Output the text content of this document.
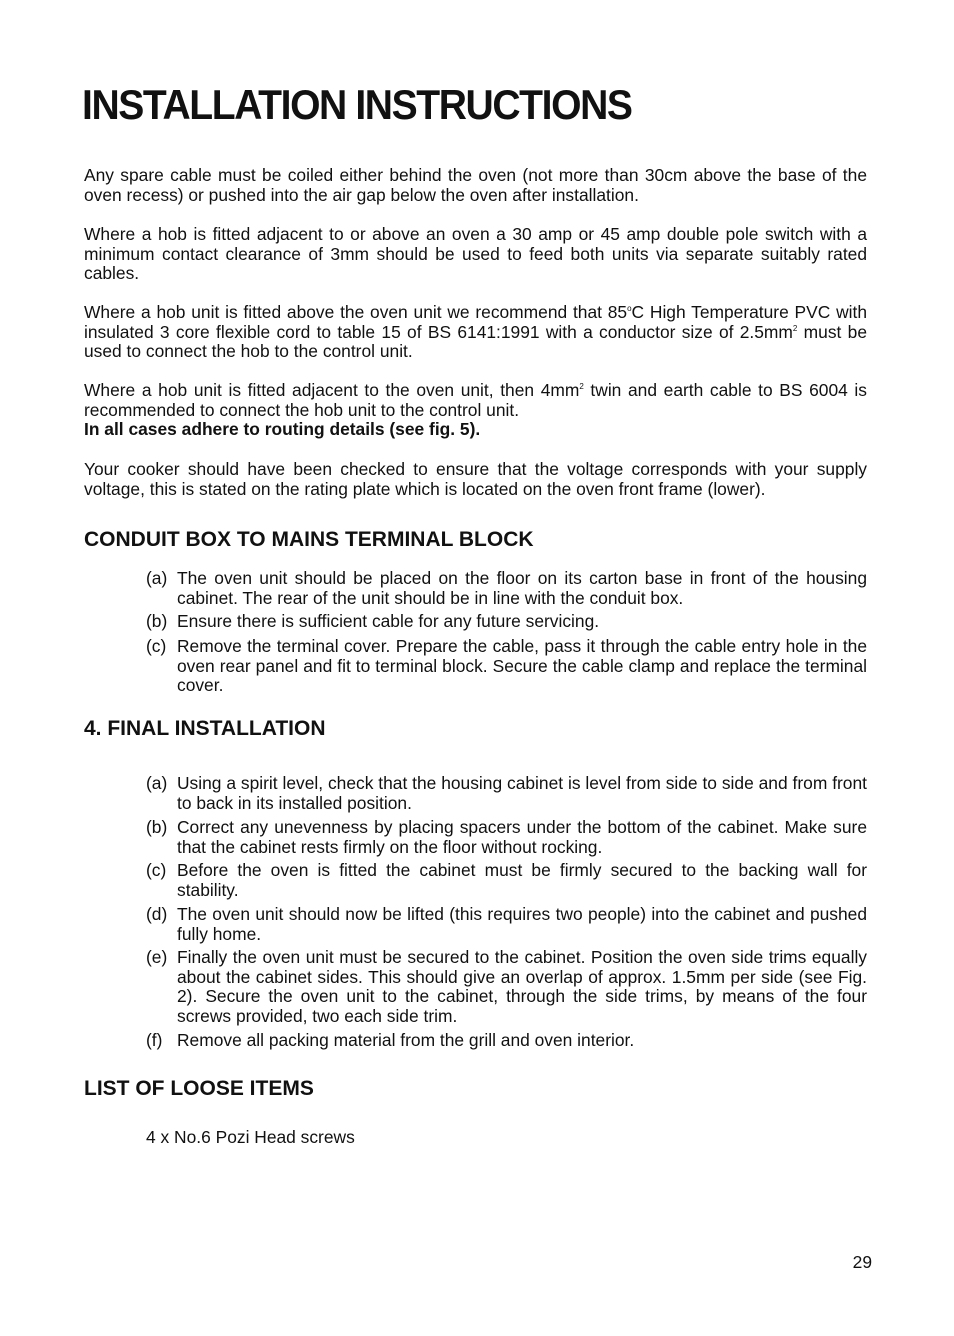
INSTALLATION INSTRUCTIONS

Any spare cable must be coiled either behind the oven (not more than 30cm above the base of the oven recess) or pushed into the air gap below the oven after installation.

Where a hob is fitted adjacent to or above an oven a 30 amp or 45 amp double pole switch with a minimum contact clearance of 3mm should be used to feed both units via separate suitably rated cables.

Where a hob unit is fitted above the oven unit we recommend that 85$^o$C High Temperature PVC with insulated 3 core flexible cord to table 15 of BS 6141:1991 with a conductor size of $2.5mm^2$ must be used to connect the hob to the control unit.

Where a hob unit is fitted adjacent to the oven unit, then $4mm^2$ twin and earth cable to BS 6004 is recommended to connect the hob unit to the control unit.
In all cases adhere to routing details (see fig. 5).

Your cooker should have been checked to ensure that the voltage corresponds with your supply voltage, this is stated on the rating plate which is located on the oven front frame (lower).

CONDUIT BOX TO MAINS TERMINAL BLOCK
(a) The oven unit should be placed on the floor on its carton base in front of the housing cabinet. The rear of the unit should be in line with the conduit box.
(b) Ensure there is sufficient cable for any future servicing.
(c) Remove the terminal cover. Prepare the cable, pass it through the cable entry hole in the oven rear panel and fit to terminal block. Secure the cable clamp and replace the terminal cover.
4. FINAL INSTALLATION
(a) Using a spirit level, check that the housing cabinet is level from side to side and from front to back in its installed position.
(b) Correct any unevenness by placing spacers under the bottom of the cabinet. Make sure that the cabinet rests firmly on the floor without rocking.
(c) Before the oven is fitted the cabinet must be firmly secured to the backing wall for stability.
(d) The oven unit should now be lifted (this requires two people) into the cabinet and pushed fully home.
(e) Finally the oven unit must be secured to the cabinet. Position the oven side trims equally about the cabinet sides. This should give an overlap of approx. 1.5mm per side (see Fig. 2). Secure the oven unit to the cabinet, through the side trims, by means of the four screws provided, two each side trim.
(f) Remove all packing material from the grill and oven interior.
LIST OF LOOSE ITEMS

4 x No.6 Pozi Head screws

29
